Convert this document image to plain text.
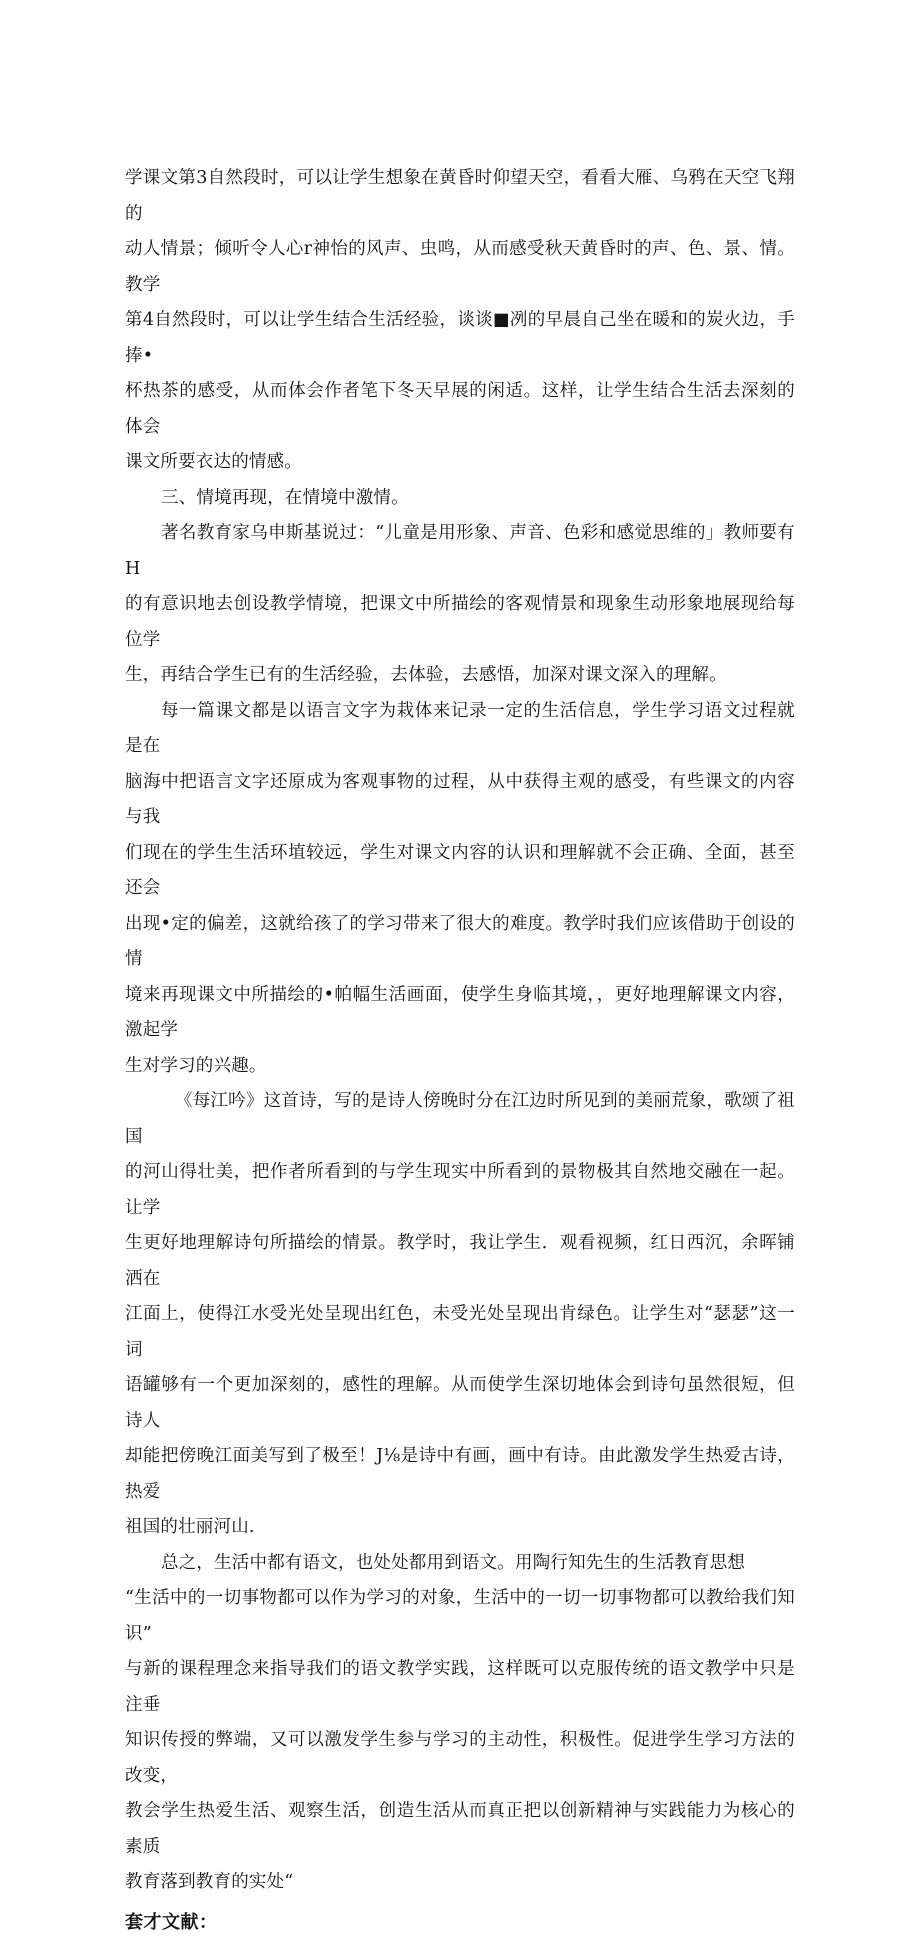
学课文第3自然段时，可以让学生想象在黄昏时仰望天空，看看大雁、乌鸦在天空飞翔的
动人情景；倾听令人心r神怡的风声、虫鸣，从而感受秋天黄昏时的声、色、景、情。教学
第4自然段时，可以让学生结合生活经验，谈谈■冽的早晨自己坐在暖和的炭火边，手捧•
杯热茶的感受，从而体会作者笔下冬天早展的闲适。这样，让学生结合生活去深刻的体会
课文所要衣达的情感。

三、情境再现，在情境中激情。

著名教育家乌申斯基说过：“儿童是用形象、声音、色彩和感觉思维的」教师要有H
的有意识地去创设教学情境，把课文中所描绘的客观情景和现象生动形象地展现给每位学
生，再结合学生已有的生活经验，去体验，去感悟，加深对课文深入的理解。

每一篇课文都是以语言文字为栽体来记录一定的生活信息，学生学习语文过程就是在
脑海中把语言文字还原成为客观事物的过程，从中获得主观的感受，有些课文的内容与我
们现在的学生生活环埴较远，学生对课文内容的认识和理解就不会正确、全面，甚至还会
出现•定的偏差，这就给孩了的学习带来了很大的难度。教学时我们应该借助于创设的情
境来再现课文中所描绘的•帕幅生活画面，使学生身临其境，，更好地理解课文内容，激起学
生对学习的兴趣。

《每江吟》这首诗，写的是诗人傍晚时分在江边时所见到的美丽荒象，歌颂了祖国
的河山得壮美，把作者所看到的与学生现实中所看到的景物极其自然地交融在一起。让学
生更好地理解诗句所描绘的情景。教学时，我让学生．观看视频，红日西沉，余晖铺洒在
江面上，使得江水受光处呈现出红色，未受光处呈现出肯绿色。让学生对“瑟瑟”这一词
语罐够有一个更加深刻的，感性的理解。从而使学生深切地体会到诗句虽然很短，但诗人
却能把傍晚江面美写到了极至！J⅛是诗中有画，画中有诗。由此激发学生热爱古诗，热爱
祖国的壮丽河山.

总之，生活中都有语文，也处处都用到语文。用陶行知先生的生活教育思想

“生活中的一切事物都可以作为学习的对象，生活中的一切一切事物都可以教给我们知识”
与新的课程理念来指导我们的语文教学实践，这样既可以克服传统的语文教学中只是注垂
知识传授的弊端，又可以激发学生参与学习的主动性，积极性。促进学生学习方法的改变，
教会学生热爱生活、观察生活，创造生活从而真正把以创新精神与实践能力为核心的素质
教育落到教育的实处“

套才文献：
